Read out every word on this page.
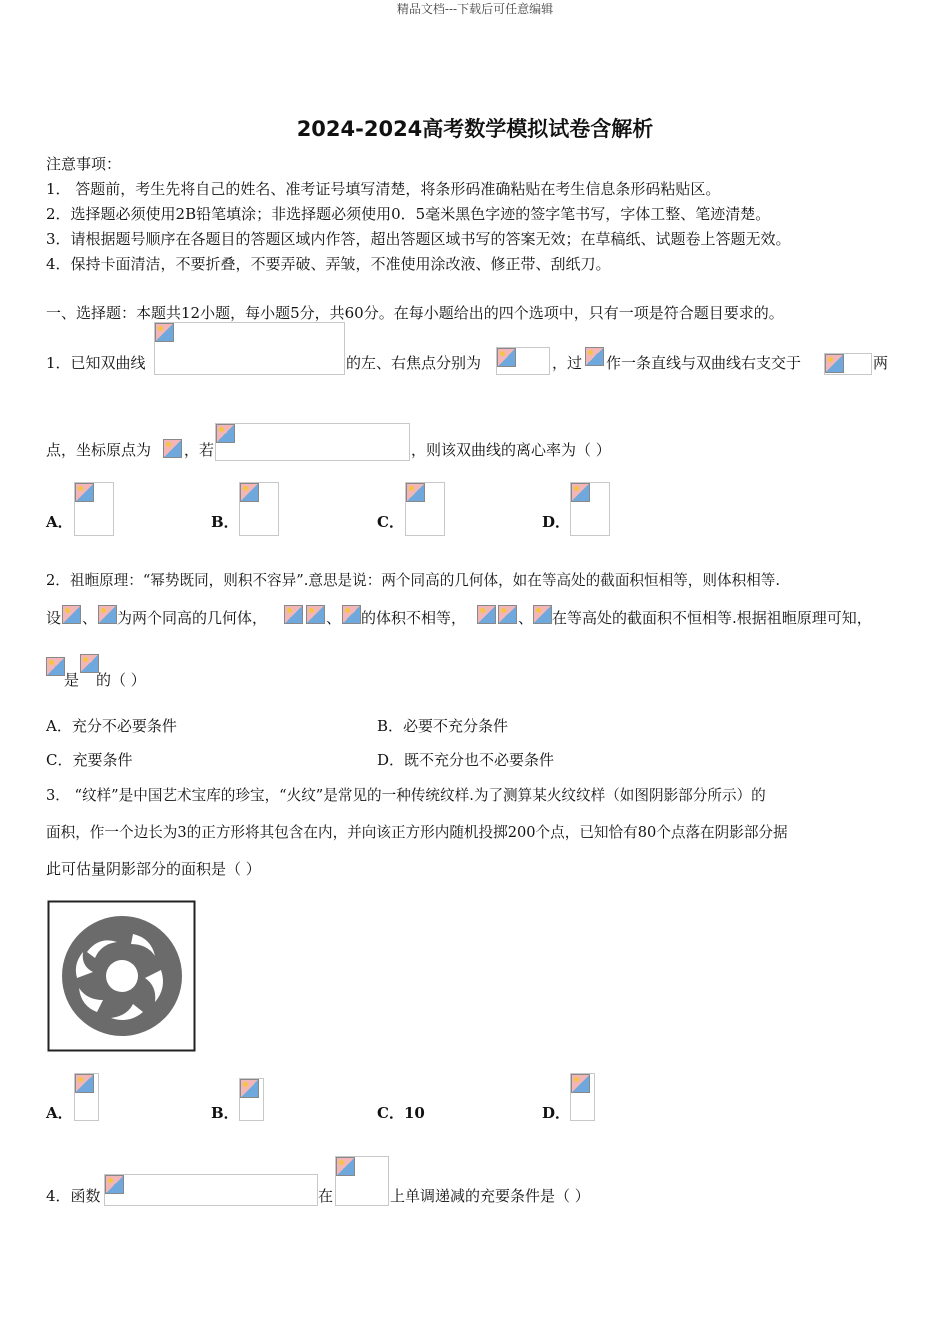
精品文档---下载后可任意编辑
2024-2024高考数学模拟试卷含解析
注意事项：
1． 答题前，考生先将自己的姓名、准考证号填写清楚，将条形码准确粘贴在考生信息条形码粘贴区。
2．选择题必须使用2B铅笔填涂；非选择题必须使用0．5毫米黑色字迹的签字笔书写，字体工整、笔迹清楚。
3．请根据题号顺序在各题目的答题区域内作答，超出答题区域书写的答案无效；在草稿纸、试题卷上答题无效。
4．保持卡面清洁，不要折叠，不要弄破、弄皱，不准使用涂改液、修正带、刮纸刀。
一、选择题：本题共12小题，每小题5分，共60分。在每小题给出的四个选项中，只有一项是符合题目要求的。
1．已知双曲线	的左、右焦点分别为	，过 作一条直线与双曲线右支交于	两
点，坐标原点为 ，若	，则该双曲线的离心率为（ ）
A．	B．	C．	D．
2．祖暅原理：“幂势既同，则积不容异”.意思是说：两个同高的几何体，如在等高处的截面积恒相等，则体积相等.
设 、 为两个同高的几何体，	、 的体积不相等，	、 在等高处的截面积不恒相等.根据祖暅原理可知，
是 的（ ）
A．充分不必要条件	B．必要不充分条件
C．充要条件	D．既不充分也不必要条件
3． “纹样”是中国艺术宝库的珍宝，“火纹”是常见的一种传统纹样.为了测算某火纹纹样（如图阴影部分所示）的
面积，作一个边长为3的正方形将其包含在内，并向该正方形内随机投掷200个点，已知恰有80个点落在阴影部分据
此可估量阴影部分的面积是（ ）
A．	B．	C．10	D．
4．函数	在	上单调递减的充要条件是（ ）
